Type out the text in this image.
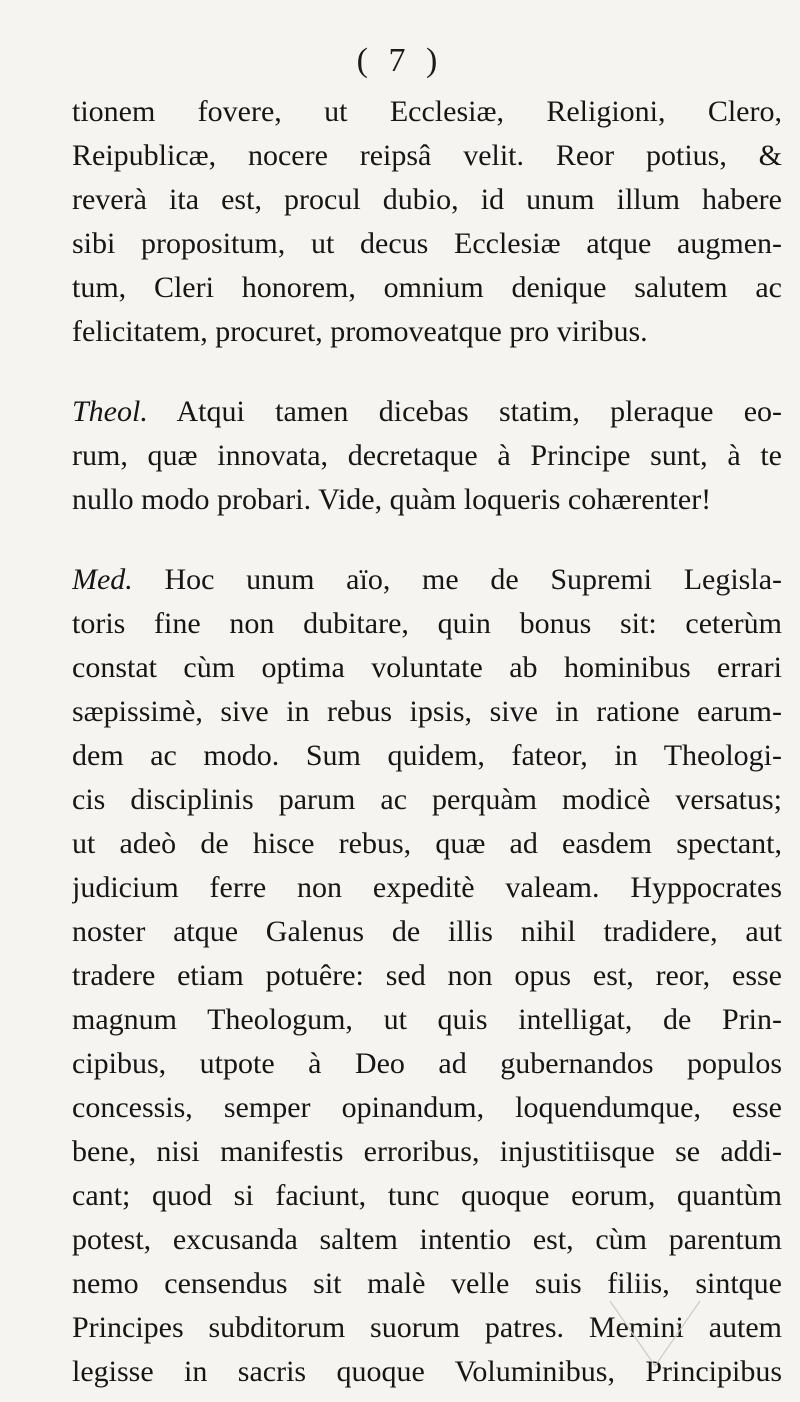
( 7 )
tionem fovere, ut Ecclesiæ, Religioni, Clero,
Reipublicæ, nocere reipsâ velit. Reor potius, &
reverà ita est, procul dubio, id unum illum habere
sibi propositum, ut decus Ecclesiæ atque augmen-
tum, Cleri honorem, omnium denique salutem ac
felicitatem, procuret, promoveatque pro viribus.
Theol. Atqui tamen dicebas statim, pleraque eo-
rum, quæ innovata, decretaque à Principe sunt, à te
nullo modo probari. Vide, quàm loqueris cohærenter!
Med. Hoc unum aïo, me de Supremi Legisla-
toris fine non dubitare, quin bonus sit: ceterùm
constat cùm optima voluntate ab hominibus errari
sæpissimè, sive in rebus ipsis, sive in ratione earum-
dem ac modo. Sum quidem, fateor, in Theologi-
cis disciplinis parum ac perquàm modicè versatus;
ut adeò de hisce rebus, quæ ad easdem spectant,
judicium ferre non expeditè valeam. Hyppocrates
noster atque Galenus de illis nihil tradidere, aut
tradere etiam potuêre: sed non opus est, reor, esse
magnum Theologum, ut quis intelligat, de Prin-
cipibus, utpote à Deo ad gubernandos populos
concessis, semper opinandum, loquendumque, esse
bene, nisi manifestis erroribus, injustitiisque se addi-
cant; quod si faciunt, tunc quoque eorum, quantùm
potest, excusanda saltem intentio est, cùm parentum
nemo censendus sit malè velle suis filiis, sintque
Principes subditorum suorum patres. Memini autem
legisse in sacris quoque Voluminibus, Principibus
